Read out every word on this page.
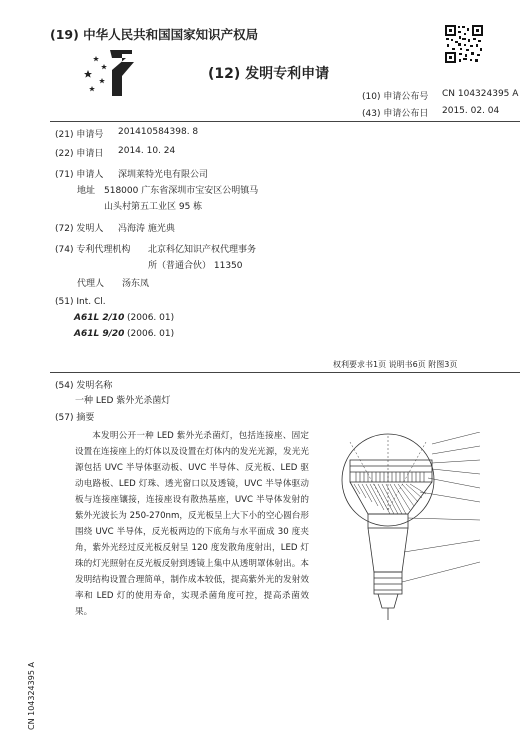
(19) 中华人民共和国国家知识产权局
(12) 发明专利申请
(10) 申请公布号 CN 104324395 A
(43) 申请公布日 2015. 02. 04
(21) 申请号 201410584398. 8
(22) 申请日 2014. 10. 24
(71) 申请人 深圳莱特光电有限公司
地址 518000 广东省深圳市宝安区公明镇马
山头村第五工业区 95 栋
(72) 发明人 冯海涛 施光典
(74) 专利代理机构 北京科亿知识产权代理事务
所（普通合伙） 11350
代理人 汤东凤
(51) Int. Cl.
A61L 2/10 (2006. 01)
A61L 9/20 (2006. 01)
权利要求书1页 说明书6页 附图3页
(54) 发明名称
一种 LED 紫外光杀菌灯
(57) 摘要
本发明公开一种 LED 紫外光杀菌灯，包括连接座、固定设置在连接座上的灯体以及设置在灯体内的发光光源，发光光源包括 UVC 半导体驱动板、UVC 半导体、反光板、LED 驱动电路板、LED 灯珠、透光窗口以及透镜，UVC 半导体驱动板与连接座镶接，连接座设有散热基座，UVC 半导体发射的紫外光波长为 250-270nm，反光板呈上大下小的空心圆台形围绕 UVC 半导体，反光板两边的下底角与水平面成 30 度夹角，紫外光经过反光板反射呈 120 度发散角度射出，LED 灯珠的灯光照射在反光板反射到透镜上集中从透明罩体射出。本发明结构设置合理简单，制作成本较低，提高紫外光的发射效率和 LED 灯的使用寿命，实现杀菌角度可控，提高杀菌效果。
CN 104324395 A
